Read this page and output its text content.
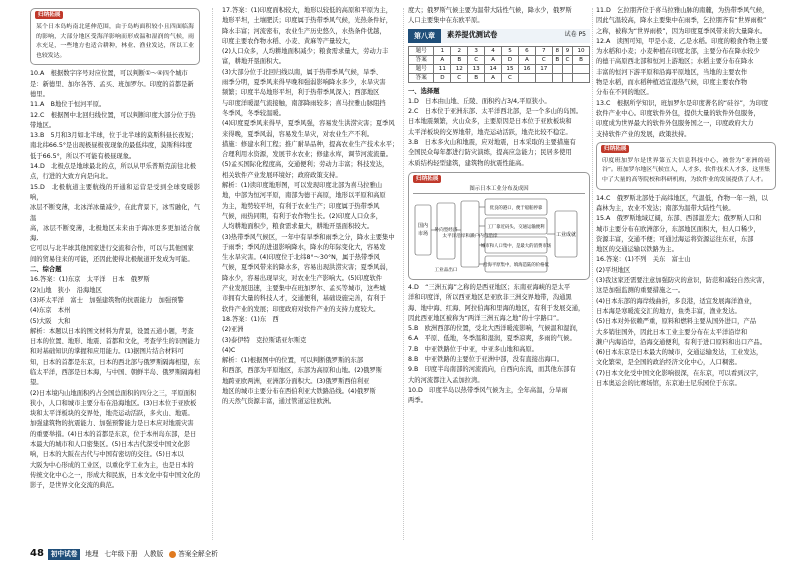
归纳拓展

某个日本岛屿南北延伸范围，由于岛屿面积较小且四面临海的影响，大部分地区受海洋影响而形成温和湿润的气候，雨水充足，一些地方也适合耕种，林业、渔业发达，所以工业也较发达。

10.A　根据数字序号对应位置，可以判断①～④四个城市

是：新德里、加尔各答、孟买、班加罗尔。印度的首都是新

德里。

11.A　B地位于恒河平原。

12.C　根据图中北回归线位置，可以判断印度大部分位于热

带地区。

13.B　5月和3月如北半球，位于北半球的莫斯科昼长夜短；

南北纬66.5°是出现极昼极夜现象的最低纬度，莫斯科纬度

低于66.5°，所以不可能有极昼现象。

14.D　北极点是地球最北的点，所以从甲乐普斯克前往北极

点，行进的大致方向是向北。

15.D　北极航道主要航线的开通和运营是受到全球变暖影响，

冰层不断变薄，北冰洋冰量减少，在此背景下，冰雪融化，气温

高，冰层不断变薄，北极地区未来由于海冰更多更加适合航海,

它可以与北半球其他国家进行交流和合作，可以与其他国家

间的贸易往来的可能，还因此使得北极航道开发成为可能。

二、综合题

16.答案：(1)东京　太平洋　日本　俄罗斯

(2)山地　狭小　沿海地区

(3)环太平洋　富士　加强建筑物的抗震能力　加强预警

(4)东京　本州

(5)大阪　大和

解析：本题以日本的图文材料为背景，设置五道小题，考查

日本的位置、地形、地震、首都和文化，考查学生的识图能力

和对基础知识的掌握和应用能力。(1)据图片结合材料可

知，日本的首都是东京，日本的西北部与俄罗斯隔海相望，东

临太平洋，西部是日本海，与中国、朝鲜半岛、俄罗斯隔海相望。

(2)日本境内山地面积约占全国总面积的四分之三，平原面积

狭小，人口和城市主要分布在沿海地区。(3)日本位于亚欧板

块和太平洋板块的交界处，地壳运动活跃，多火山、地震。

加强建筑物的抗震能力、加强预警能力是日本应对地震灾害

的重要举措。(4)日本的首都是东京，位于本州岛东部，是日

本最大的城市和人口密集区。(5)日本古代深受中国文化影

响，日本的大阪在古代与中国有密切的交往。(5)日本以

大阪为中心形成的工业区，以重化学工业为主，也是日本的

传统文化中心之一，形成大和民族，日本文化中有中国文化的

影子，是世界文化交流的典范。

17.答案：(1)印度面积较大，地形以较低的高原和平原为主，

地形平坦，土壤肥沃；印度属于热带季风气候，光热条件好，

降水丰富；河流密布，农业生产历史悠久，水热条件优越，

印度主要农作物水稻、小麦、黄麻等产量较大，

(2)人口众多，人均耕地面积减少；粮食需求量大，劳动力丰

富，耕地开垦面积大。

(3)大部分位于北回归线以南，属于热带季风气候，旱季、

雨季分明，夏季风来得早晚和强弱影响降水多少，水旱灾害

频繁；印度半岛地形平坦，利于热带季风深入；西部地区

与印度洋暖湿气流接触，南部降雨较多；喜马拉雅山脉阻挡

冬季风，冬季较温暖。

(4)印度夏季风来得早，夏季风强，容易发生洪涝灾害；夏季风

来得晚，夏季风弱，容易发生旱灾，对农业生产不利。

措施：修建水利工程；推广耐旱品种，提高农业生产技术水平；

合理利用水资源，发展节水农业；修建水库，调节河流流量。

(5)孟买国际化程度高，交通便利；劳动力丰富；科技发达，

相关软件产业发展环境好；政府政策支持。

解析：(1)读印度地形图，可以发现印度北部为喜马拉雅山

地，中部为恒河平原，南部为德干高原，地形以平原和高原

为主，地势较平坦，有利于农业生产；印度属于热带季风

气候，雨热同期，有利于农作物生长。(2)印度人口众多，

人均耕地面积少，粮食需求量大，耕地开垦面积较大。

(3)热带季风气候区，一年中有旱季和雨季之分，降水主要集中

于雨季；季风的进退影响降水，降水的年际变化大，容易发

生水旱灾害。(4)印度位于北纬8°～30°N，属于热带季风

气候，夏季风带来的降水多，容易出现洪涝灾害；夏季风弱，

降水少，容易出现旱灾，对农业生产影响大。(5)印度软件

产业发展迅速，主要集中在班加罗尔、孟买等城市，这些城

市拥有大量的科技人才，交通便利，基础设施完善，有利于

软件产业的发展；印度政府对软件产业的支持力度较大。

18.答案：(1)东　西

(2)亚洲

(3)泰伊特　克拉斯诺亚尔斯克

(4)C

解析：(1)根据图中的位置，可以判断俄罗斯的东部

和西部，西部为平原地区，东部为高原和山地。(2)俄罗斯

地跨亚欧两洲，亚洲部分面积大。(3)俄罗斯西伯利亚

地区的城市主要分布在西伯利亚大铁路沿线。(4)俄罗斯

的天然气资源丰富，通过管道运往欧洲。

度大；俄罗斯气候主要为温带大陆性气候，降水少，俄罗斯

人口主要集中在东欧平原。

第八章	素养提优测试卷	试卷 P5
题号	1	2	3	4	5	6	7	8	9	10
答案	A	B	C	A	D	A	C	B	C	B
题号	11	12	13	14	15	16	17			
答案	D	C	B	A	C					

一、选择题

1.D　日本由山地、丘陵、面积约占3/4,平原狭小。

2.C　日本位于亚洲东部、太平洋西北部，是一个多山的岛国。

日本地震频繁，火山众多，主要原因是日本位于亚欧板块和

太平洋板块的交界地带，地壳运动活跃，地壳比较不稳定。

3.B　日本多火山和地震，应对地震，日本采取的主要措施有

全国民众每年都进行防灾演练，提高应急能力；民居多使用

木质结构轻型建筑，建筑物的抗震性能高。

归纳拓展
图示日本工业分布及成因
国内
市场
外向型经济
太平洋沿岸和濑户内海沿岸
优良的港口，便于船舶停靠
工厂靠近码头，交通运输便利
城市和人口集中，是最大的消费市场
沿海平原集中，填海造陆的价格低
工业成就
工业品出口

4.D　“三洲五海”之称的是西亚地区；东南亚海峡的是太平

洋和印度洋，所以西亚地区是亚欧非三洲交界地带，沟通黑

海、地中海、红海、阿拉伯海和里海的地区，有利于发展交通，

因此西亚地区被称为“两洋三洲五海之地”的十字路口”。

5.B　欧洲西部的位置，受北大西洋暖流影响，气候温和湿润，

6.A　平原、低地，冬季温和湿润，夏季凉爽，多雨的气候。

7.B　中亚铁路位于中亚，中亚多山地和高原。

8.B　中亚铁路的主要位于亚洲中部，没有直接出海口。

9.B　印度半岛南部的河流流向，自西向东流，而其他东部有

大的河流都注入孟加拉湾。

10.D　印度半岛以热带季风气候为主，全年高温，分旱雨

两季。

11.D　乞拉朋齐位于喜马拉雅山脉的南麓，为热带季风气候，

因此气温较高，降水主要集中在雨季，乞拉朋齐有“世界雨极”

之称，被称为“世界雨极”，因为印度夏季风带来的大量降水。

12.A　读图可知，甲是小麦、乙是水稻。印度的粮食作物主要

为水稻和小麦；小麦种植在印度北部，主要分布在降水较少

的德干高原西北部和恒河上游地区；水稻主要分布在降水

丰富的恒河下游平原和沿海平原地区，当地的主要农作

物是水稻，而水稻种植适宜湿热气候，印度主要农作物

分布在不同的地区。

13.C　根据所学知识，班加罗尔是印度著名的“硅谷”，为印度

软件产业中心。印度软件外包，提供大量的软件外包服务，

印度成为世界最大的软件外包服务国之一，印度政府大力

支持软件产业的发展，政策扶持。

归纳拓展

印度班加罗尔是世界第五大信息科技中心，被誉为“亚洲的硅谷”。班加罗尔地区气候宜人，人才多，软件技术人才多，这里集中了大量的高等院校和科研机构，为软件业的发展提供了人才。

14.C　俄罗斯北部处于高纬地区，气温低，作物一年一熟，以

森林为主，农业不发达；南部为温带大陆性气候。

15.A　俄罗斯地域辽阔，东部、西部温差大；俄罗斯人口和

城市主要分布在欧洲部分，东部地区面积大，但人口稀少，

资源丰富，交通不便；可通过海运将资源运往东亚，东部

地区的交通运输以铁路为主。

16.答案：(1)不列　关东　富士山

(2)平坦地区

(3)我这家还需要注意加强防灾的意识，防范和减轻自然灾害，

这是加强监测的重要措施之一。

(4)日本东部的海岸线曲折，多良港，适宜发展海洋渔业，

日本海是寒暖流交汇的地方，鱼类丰富，渔业发达。

(5)日本对外依赖严重，原料和燃料主要从国外进口，产品

大多销往国外，因此日本工业主要分布在太平洋沿岸和

濑户内海沿岸，沿海交通便利，有利于进口原料和出口产品。

(6)日本东京是日本最大的城市，交通运输发达，工业发达，

文化繁荣，是全国的政治经济文化中心，人口稠密。

(7)日本文化受中国文化影响很深，在东京，可以看到汉字，

日本奥运会的比赛场馆，东京迪士尼乐园位于东京。

48	初中试卷	地理 七年级下册 人教版 答案全解全析
